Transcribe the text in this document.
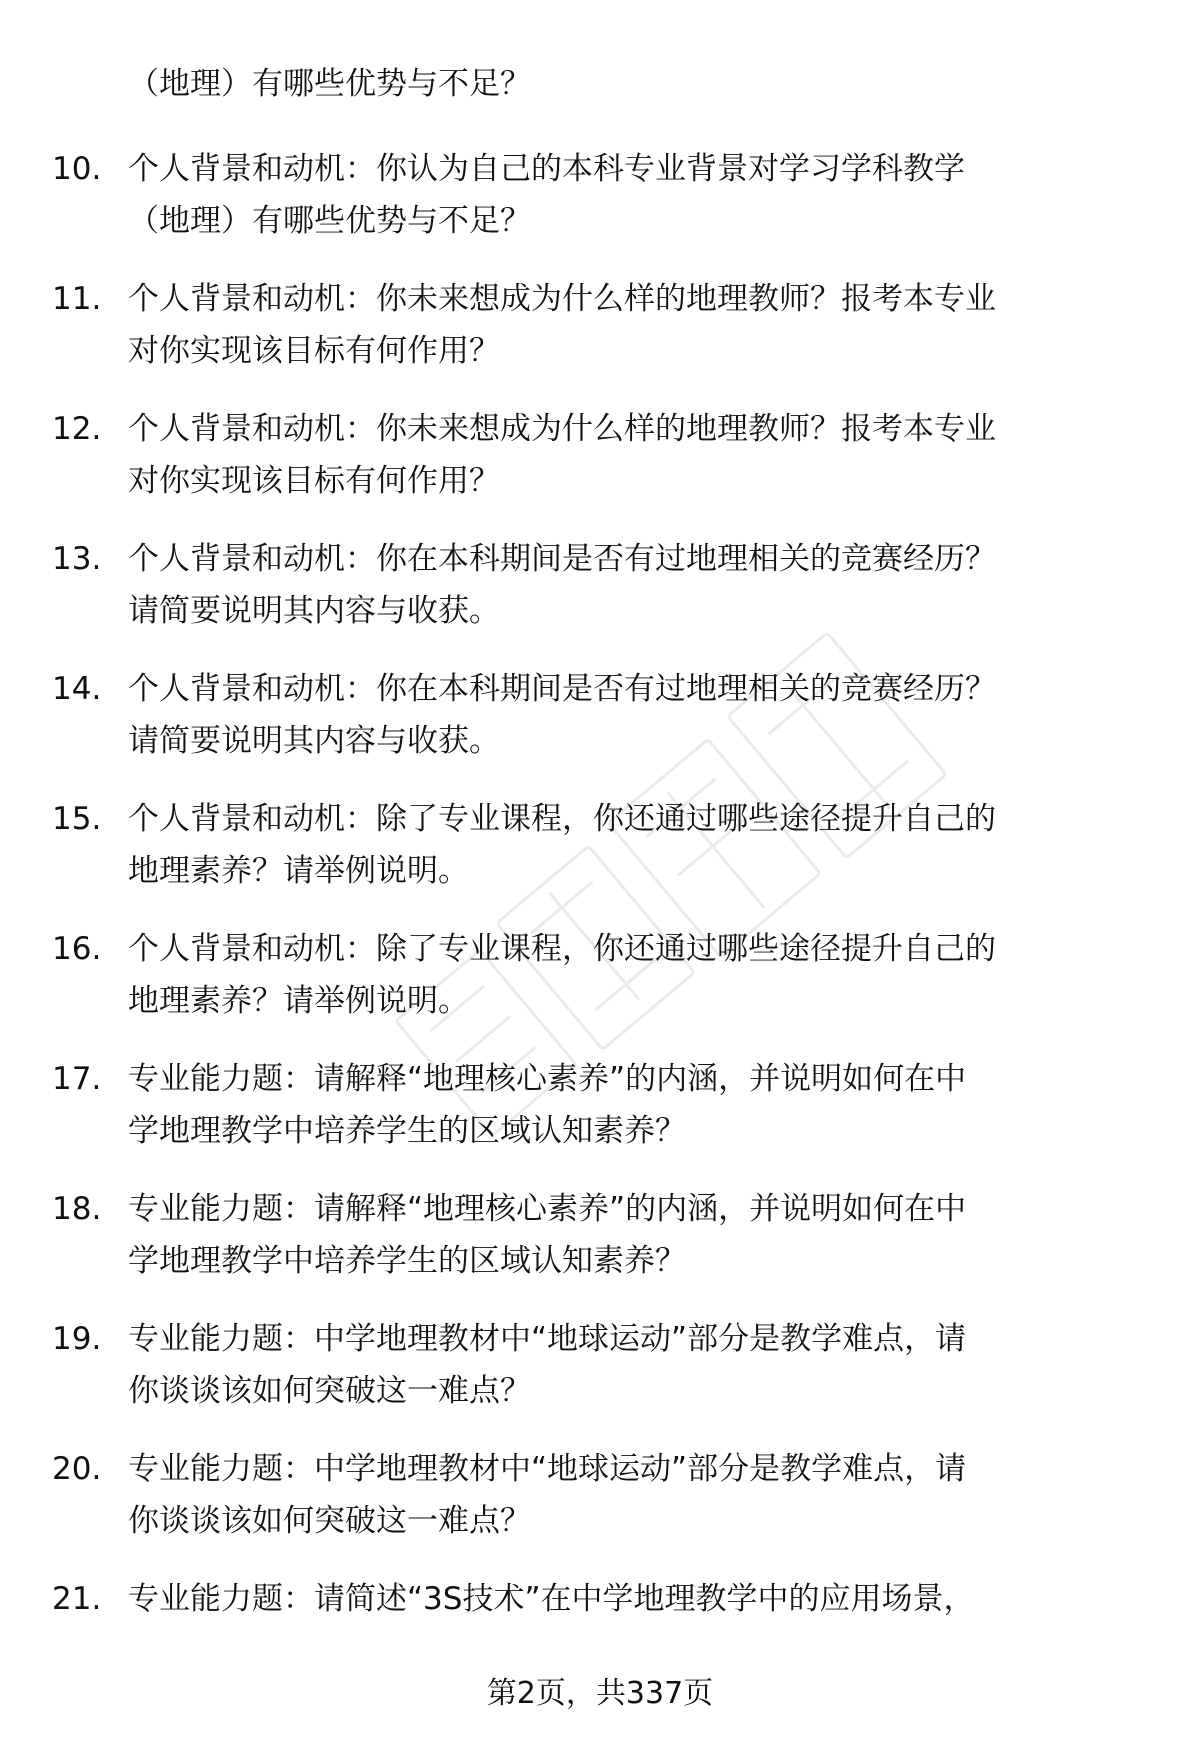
（地理）有哪些优势与不足？
10. 个人背景和动机：你认为自己的本科专业背景对学习学科教学
（地理）有哪些优势与不足？
11. 个人背景和动机：你未来想成为什么样的地理教师？报考本专业
对你实现该目标有何作用？
12. 个人背景和动机：你未来想成为什么样的地理教师？报考本专业
对你实现该目标有何作用？
13. 个人背景和动机：你在本科期间是否有过地理相关的竞赛经历？
请简要说明其内容与收获。
14. 个人背景和动机：你在本科期间是否有过地理相关的竞赛经历？
请简要说明其内容与收获。
15. 个人背景和动机：除了专业课程，你还通过哪些途径提升自己的
地理素养？请举例说明。
16. 个人背景和动机：除了专业课程，你还通过哪些途径提升自己的
地理素养？请举例说明。
17. 专业能力题：请解释“地理核心素养”的内涵，并说明如何在中
学地理教学中培养学生的区域认知素养？
18. 专业能力题：请解释“地理核心素养”的内涵，并说明如何在中
学地理教学中培养学生的区域认知素养？
19. 专业能力题：中学地理教材中“地球运动”部分是教学难点，请
你谈谈该如何突破这一难点？
20. 专业能力题：中学地理教材中“地球运动”部分是教学难点，请
你谈谈该如何突破这一难点？
21. 专业能力题：请简述“3S技术”在中学地理教学中的应用场景，
第2页，共337页
